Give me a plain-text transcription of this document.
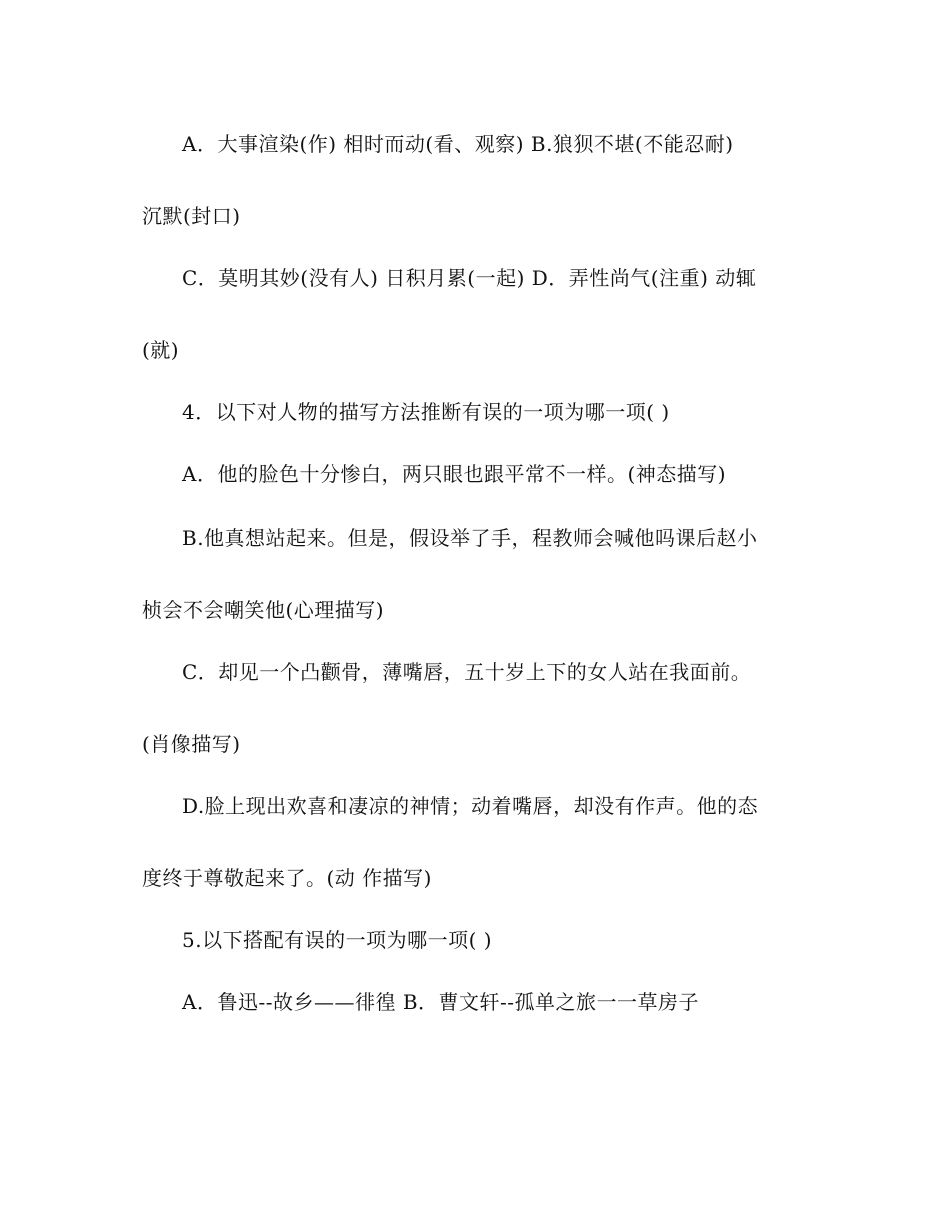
A．大事渲染(作) 相时而动(看、观察) B.狼狈不堪(不能忍耐)
沉默(封口)
C．莫明其妙(没有人) 日积月累(一起) D．弄性尚气(注重) 动辄
(就)
4．以下对人物的描写方法推断有误的一项为哪一项( )
A．他的脸色十分惨白，两只眼也跟平常不一样。(神态描写)
B.他真想站起来。但是，假设举了手，程教师会喊他吗课后赵小
桢会不会嘲笑他(心理描写)
C．却见一个凸颧骨，薄嘴唇，五十岁上下的女人站在我面前。
(肖像描写)
D.脸上现出欢喜和凄凉的神情；动着嘴唇，却没有作声。他的态
度终于尊敬起来了。(动 作描写)
5.以下搭配有误的一项为哪一项( )
A．鲁迅--故乡——徘徨 B．曹文轩--孤单之旅一一草房子
